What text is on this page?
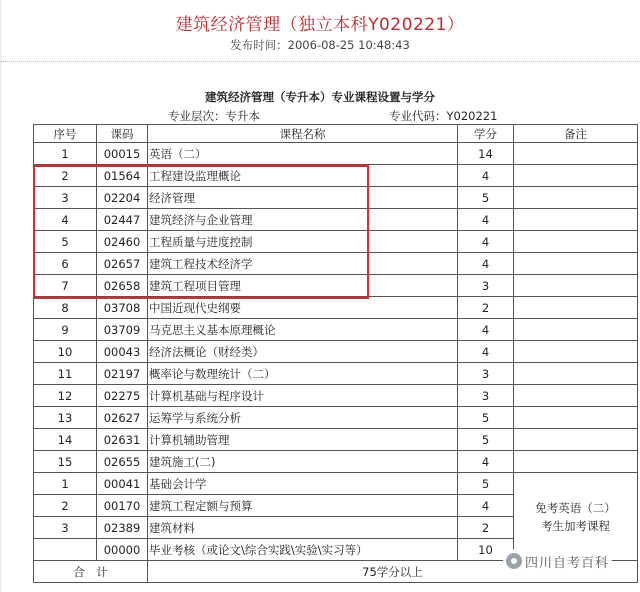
建筑经济管理（独立本科Y020221）
发布时间：2006-08-25 10:48:43
建筑经济管理（专升本）专业课程设置与学分
专业层次：专升本	专业代码：Y020221
序号	课码	课程名称	学分	备注
1	00015	英语（二）	14	
2	01564	工程建设监理概论	4	
3	02204	经济管理	5	
4	02447	建筑经济与企业管理	4	
5	02460	工程质量与进度控制	4	
6	02657	建筑工程技术经济学	4	
7	02658	建筑工程项目管理	3	
8	03708	中国近现代史纲要	2	
9	03709	马克思主义基本原理概论	4	
10	00043	经济法概论（财经类）	4	
11	02197	概率论与数理统计（二）	3	
12	02275	计算机基础与程序设计	3	
13	02627	运筹学与系统分析	5	
14	02631	计算机辅助管理	5	
15	02655	建筑施工(二)	4	
1	00041	基础会计学	5	免考英语（二）
考生加考课程

2	00170	建筑工程定额与预算	4	
3	02389	建筑材料	2	
	00000	毕业考核（或论文\综合实践\实验\实习等）	10	
合　计		75学分以上		
四川自考百科
